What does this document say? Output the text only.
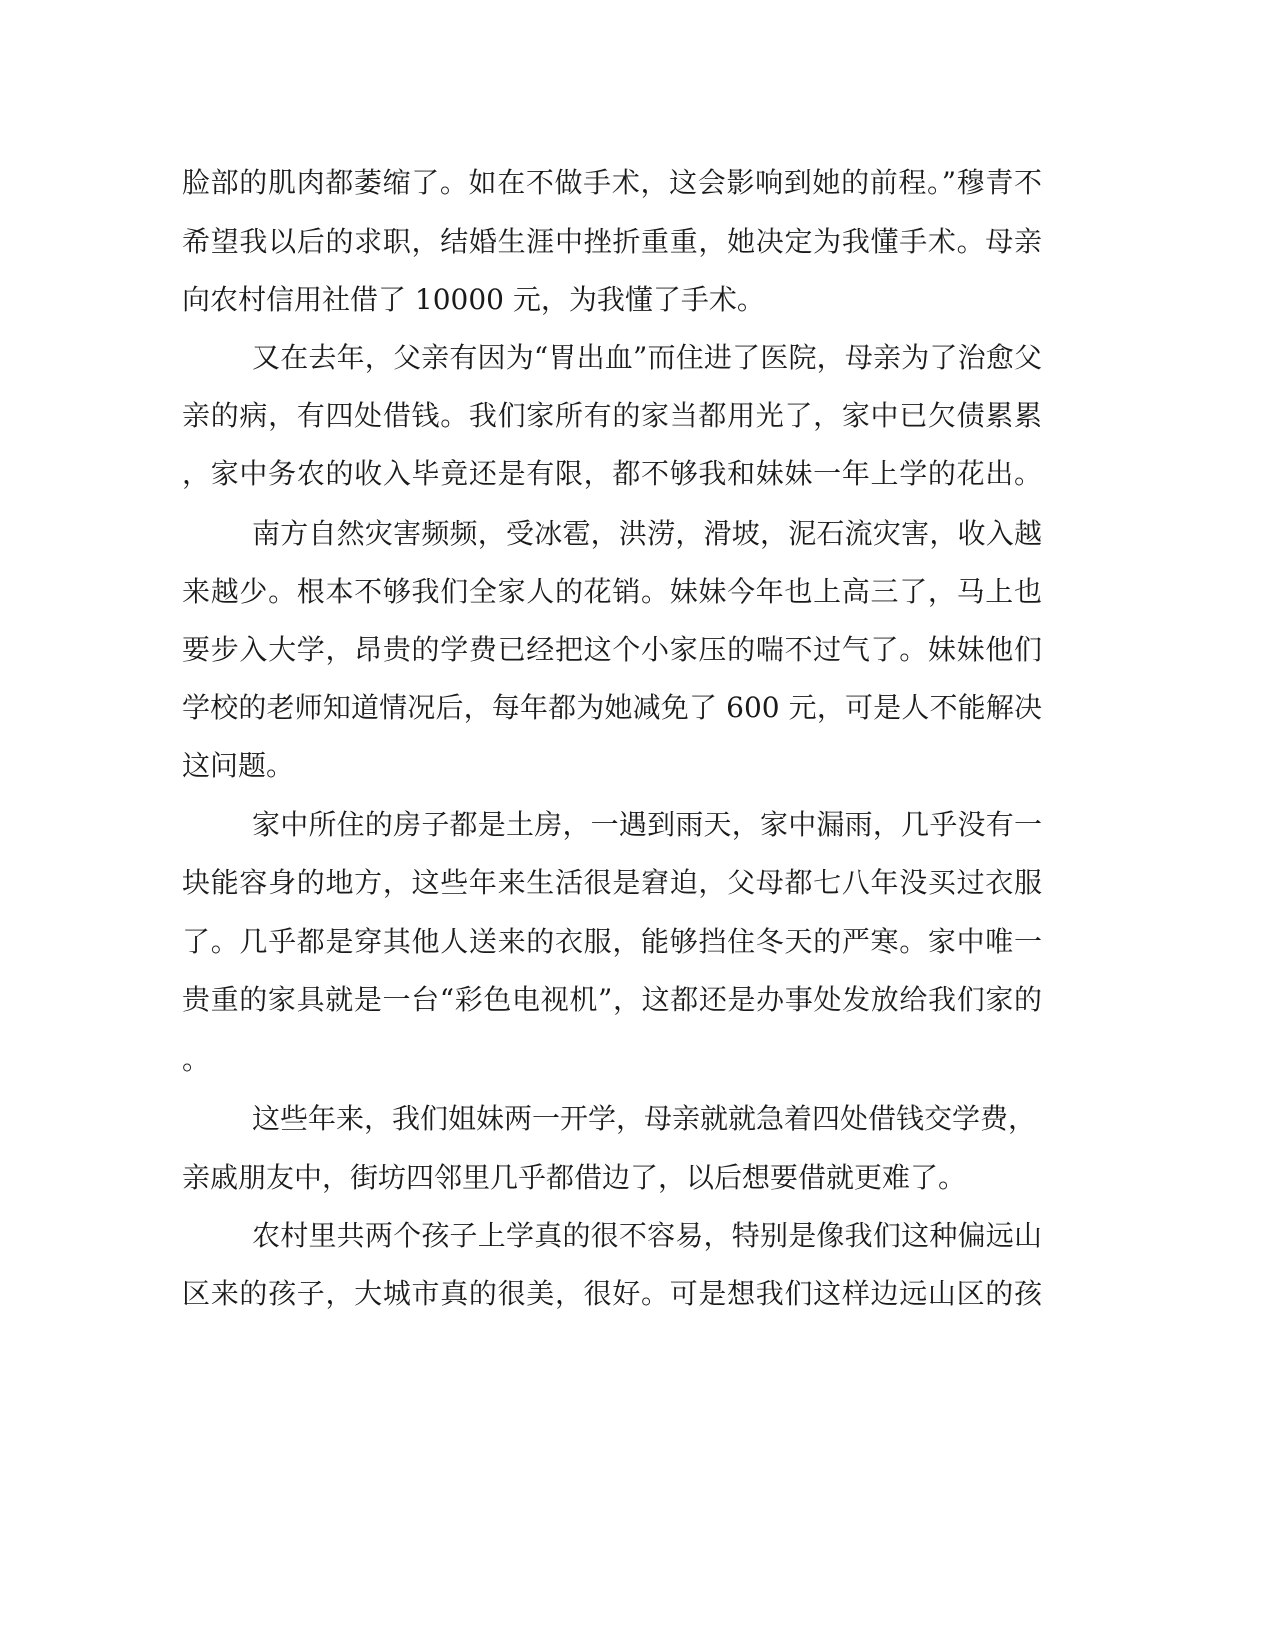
脸部的肌肉都萎缩了。如在不做手术，这会影响到她的前程。”穆青不
希望我以后的求职，结婚生涯中挫折重重，她决定为我懂手术。母亲
向农村信用社借了 10000 元，为我懂了手术。
又在去年，父亲有因为“胃出血”而住进了医院，母亲为了治愈父
亲的病，有四处借钱。我们家所有的家当都用光了，家中已欠债累累
，家中务农的收入毕竟还是有限，都不够我和妹妹一年上学的花出。
南方自然灾害频频，受冰雹，洪涝，滑坡，泥石流灾害，收入越
来越少。根本不够我们全家人的花销。妹妹今年也上高三了，马上也
要步入大学，昂贵的学费已经把这个小家压的喘不过气了。妹妹他们
学校的老师知道情况后，每年都为她减免了 600 元，可是人不能解决
这问题。
家中所住的房子都是土房，一遇到雨天，家中漏雨，几乎没有一
块能容身的地方，这些年来生活很是窘迫，父母都七八年没买过衣服
了。几乎都是穿其他人送来的衣服，能够挡住冬天的严寒。家中唯一
贵重的家具就是一台“彩色电视机”，这都还是办事处发放给我们家的
。
这些年来，我们姐妹两一开学，母亲就就急着四处借钱交学费，
亲戚朋友中，街坊四邻里几乎都借边了，以后想要借就更难了。
农村里共两个孩子上学真的很不容易，特别是像我们这种偏远山
区来的孩子，大城市真的很美，很好。可是想我们这样边远山区的孩
